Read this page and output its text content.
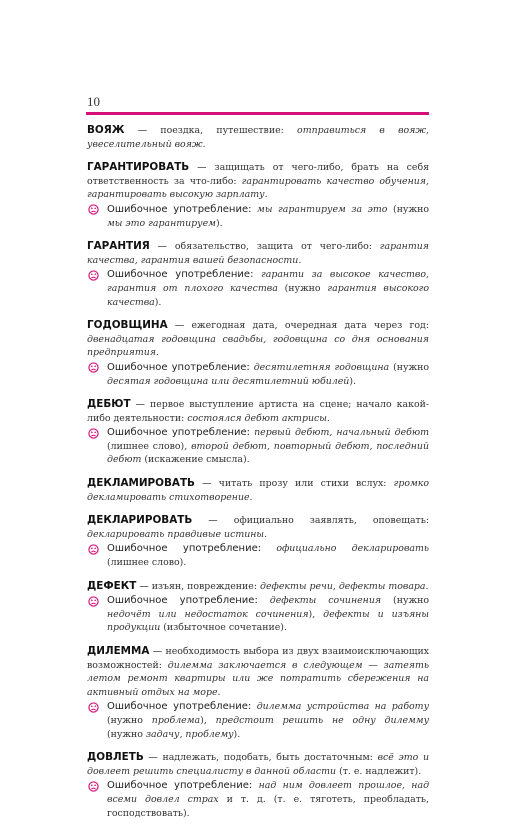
10

ВОЯЖ — поездка, путешествие: отправиться в вояж, увеселительный вояж.

ГАРАНТИРОВАТЬ — защищать от чего-либо, брать на себя ответственность за что-либо: гарантировать качество обучения, гарантировать высокую зарплату.

Ошибочное употребление: мы гарантируем за это (нужно мы это гарантируем).

ГАРАНТИЯ — обязательство, защита от чего-либо: гарантия качества, гарантия вашей безопасности.

Ошибочное употребление: гаранти за высокое качество, гарантия от плохого качества (нужно гарантия высокого качества).

ГОДОВЩИНА — ежегодная дата, очередная дата через год: двенадцатая годовщина свадьбы, годовщина со дня основания предприятия.

Ошибочное употребление: десятилетняя годовщина (нужно десятая годовщина или десятилетний юбилей).

ДЕБЮТ — первое выступление артиста на сцене; начало какой-либо деятельности: состоялся дебют актрисы.

Ошибочное употребление: первый дебют, начальный дебют (лишнее слово), второй дебют, повторный дебют, последний дебют (искажение смысла).

ДЕКЛАМИРОВАТЬ — читать прозу или стихи вслух: громко декламировать стихотворение.

ДЕКЛАРИРОВАТЬ — официально заявлять, оповещать: декларировать правдивые истины.

Ошибочное употребление: официально декларировать (лишнее слово).

ДЕФЕКТ — изъян, повреждение: дефекты речи, дефекты товара.

Ошибочное употребление: дефекты сочинения (нужно недочёт или недостаток сочинения), дефекты и изъяны продукции (избыточное сочетание).

ДИЛЕММА — необходимость выбора из двух взаимоисключающих возможностей: дилемма заключается в следующем — затеять летом ремонт квартиры или же потратить сбережения на активный отдых на море.

Ошибочное употребление: дилемма устройства на работу (нужно проблема), предстоит решить не одну дилемму (нужно задачу, проблему).

ДОВЛЕТЬ — надлежать, подобать, быть достаточным: всё это и довлеет решить специалисту в данной области (т. е. надлежит).

Ошибочное употребление: над ним довлеет прошлое, над всеми довлел страх и т. д. (т. е. тяготеть, преобладать, господствовать).
